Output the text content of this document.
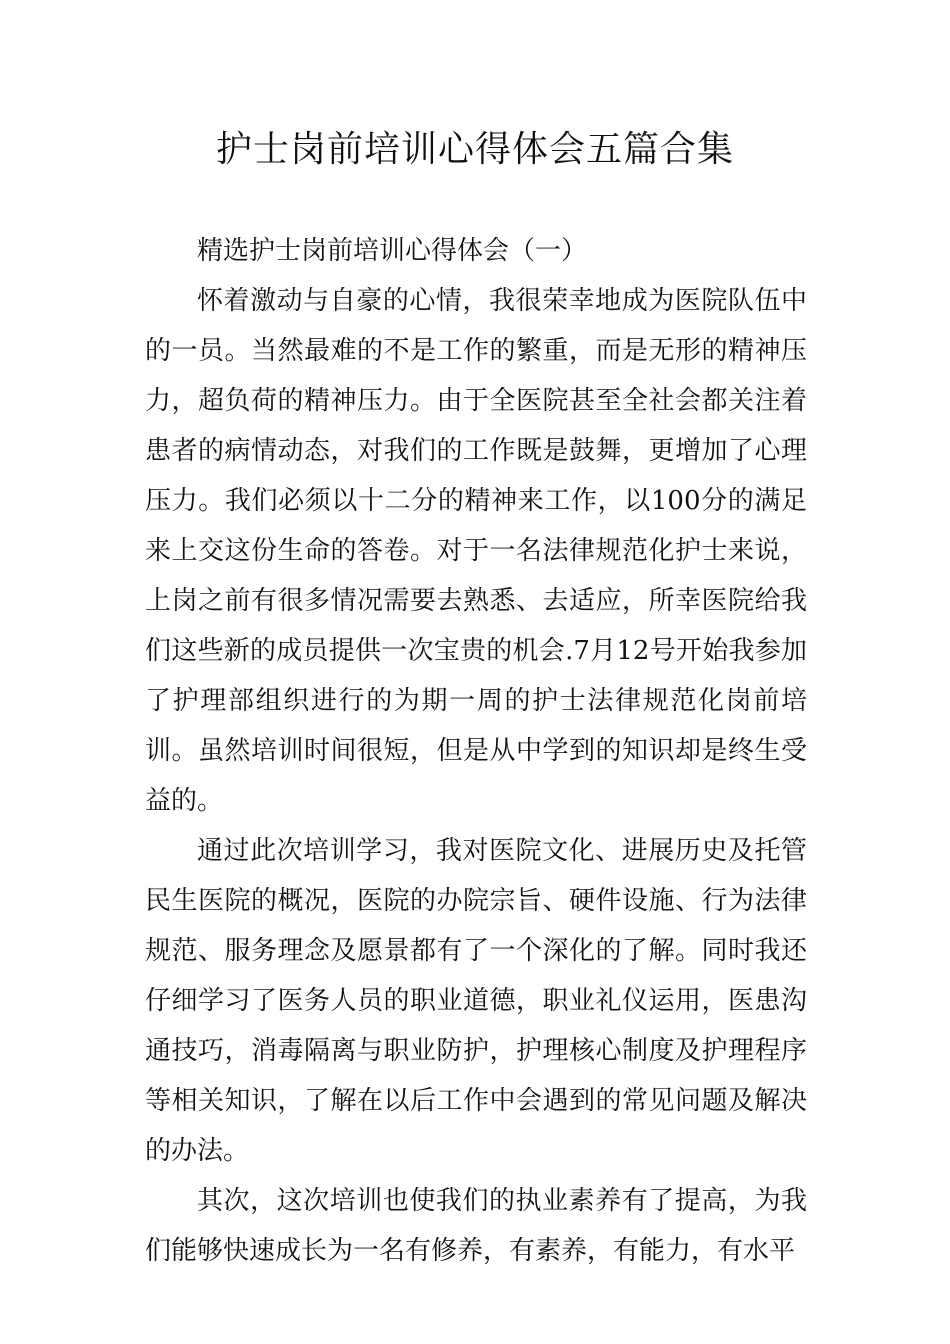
护士岗前培训心得体会五篇合集

精选护士岗前培训心得体会（一）

怀着激动与自豪的心情，我很荣幸地成为医院队伍中的一员。当然最难的不是工作的繁重，而是无形的精神压力，超负荷的精神压力。由于全医院甚至全社会都关注着患者的病情动态，对我们的工作既是鼓舞，更增加了心理压力。我们必须以十二分的精神来工作，以100分的满足来上交这份生命的答卷。对于一名法律规范化护士来说，上岗之前有很多情况需要去熟悉、去适应，所幸医院给我们这些新的成员提供一次宝贵的机会.7月12号开始我参加了护理部组织进行的为期一周的护士法律规范化岗前培训。虽然培训时间很短，但是从中学到的知识却是终生受益的。

通过此次培训学习，我对医院文化、进展历史及托管民生医院的概况，医院的办院宗旨、硬件设施、行为法律规范、服务理念及愿景都有了一个深化的了解。同时我还仔细学习了医务人员的职业道德，职业礼仪运用，医患沟通技巧，消毒隔离与职业防护，护理核心制度及护理程序等相关知识，了解在以后工作中会遇到的常见问题及解决的办法。

其次，这次培训也使我们的执业素养有了提高，为我们能够快速成长为一名有修养，有素养，有能力，有水平
